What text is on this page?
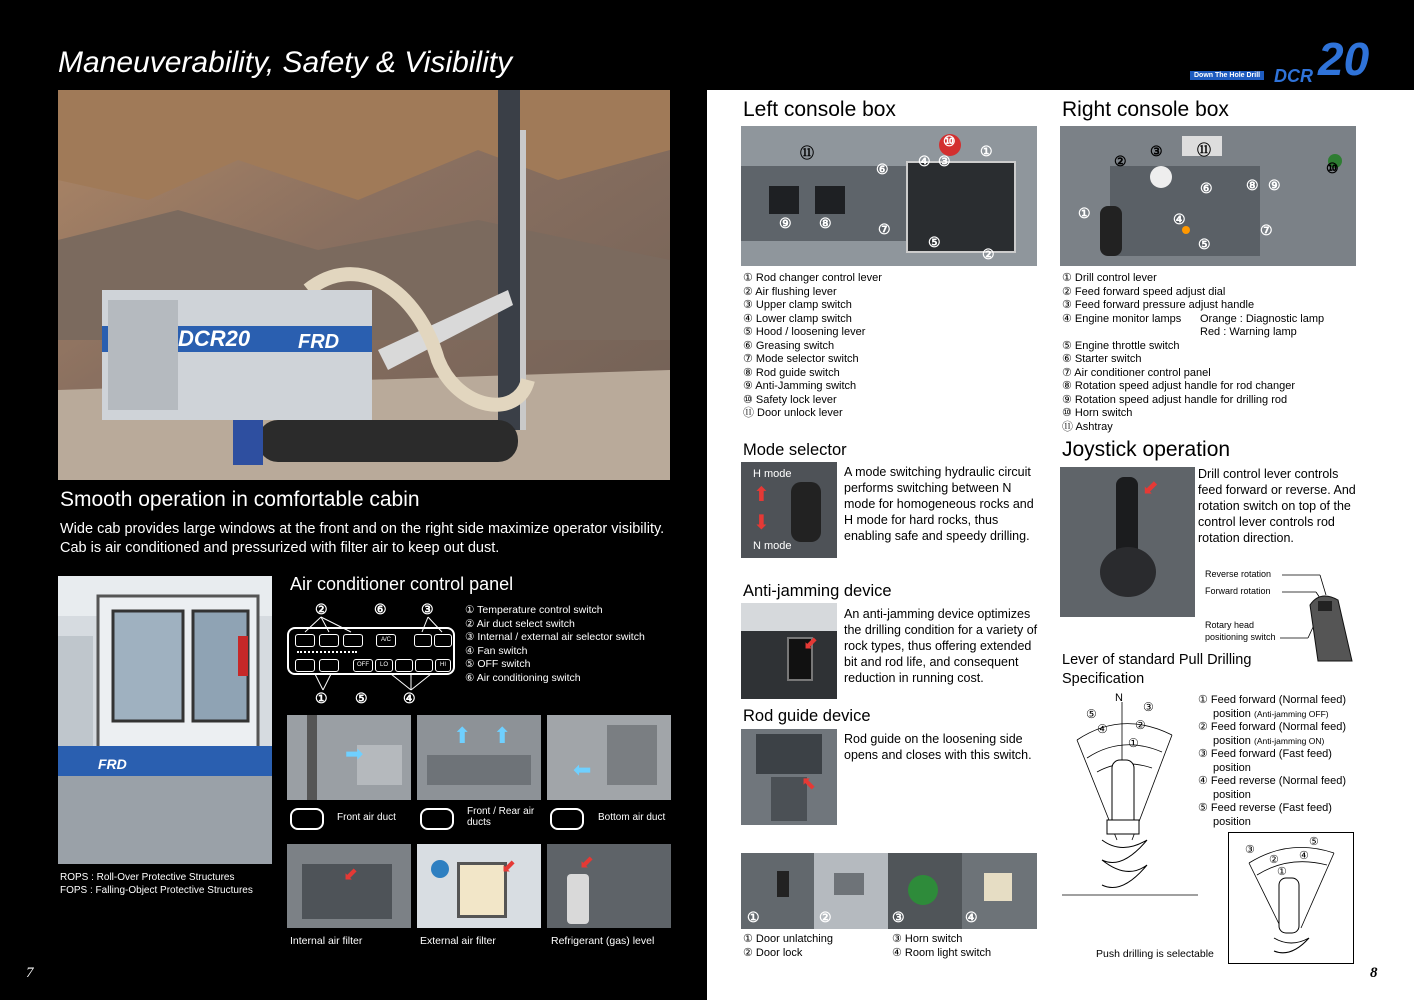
Maneuverability, Safety & Visibility
DCR20 FRD
Smooth operation in comfortable cabin
Wide cab provides large windows at the front and on the right side maximize operator visibility. Cab is air conditioned and pressurized with filter air to keep out dust.
FRD
ROPS : Roll-Over Protective Structures
FOPS : Falling-Object Protective Structures
Air conditioner control panel
②	⑥ ③
A/C
OFF	LO	HI
① ⑤	④
① Temperature control switch
② Air duct select switch
③ Internal / external air selector switch
④ Fan switch
⑤ OFF switch
⑥ Air conditioning switch
➡
⬆ ⬆
⬅
Front air duct
Front / Rear air ducts	Bottom air duct
⬋	⬋	⬋
Internal air filter	External air filter	Refrigerant (gas) level
7
Down The Hole Drill DCR 20
Left console box
⑪
⑩
④ ③
①
⑥
⑦
⑨ ⑧
⑤
②
① Rod changer control lever
② Air flushing lever
③ Upper clamp switch
④ Lower clamp switch
⑤ Hood / loosening lever
⑥ Greasing switch
⑦ Mode selector switch
⑧ Rod guide switch
⑨ Anti-Jamming switch
⑩ Safety lock lever
⑪ Door unlock lever
Right console box
②
③ ⑪
⑩
⑥ ⑧ ⑨
①	④
⑦
⑤
① Drill control lever
② Feed forward speed adjust dial
③ Feed forward pressure adjust handle
④ Engine monitor lamps Orange : Diagnostic lamp
Red : Warning lamp
⑤ Engine throttle switch
⑥ Starter switch
⑦ Air conditioner control panel
⑧ Rotation speed adjust handle for rod changer
⑨ Rotation speed adjust handle for drilling rod
⑩ Horn switch
⑪ Ashtray
Mode selector
⬆
⬇
H mode
N mode
A mode switching hydraulic circuit performs switching between N mode for homogeneous rocks and H mode for hard rocks, thus enabling safe and speedy drilling.
Anti-jamming device
⬋
An anti-jamming device optimizes the drilling condition for a variety of rock types, thus offering extended bit and rod life, and consequent reduction in running cost.
Rod guide device
⬉
Rod guide on the loosening side opens and closes with this switch.
①	②	③	④
① Door unlatching
② Door lock
③ Horn switch
④ Room light switch
Joystick operation
⬋
Drill control lever controls feed forward or reverse. And rotation switch on top of the control lever controls rod rotation direction.
Reverse rotation
Forward rotation
Rotary head
positioning switch
Lever of standard Pull Drilling
Specification
N
⑤	③
④ ②
①
① Feed forward (Normal feed)
position (Anti-jamming OFF)
② Feed forward (Normal feed)
position (Anti-jamming ON)
③ Feed forward (Fast feed)
position
④ Feed reverse (Normal feed)
position
⑤ Feed reverse (Fast feed)
position
③
⑤
② ④
①
Push drilling is selectable
8
